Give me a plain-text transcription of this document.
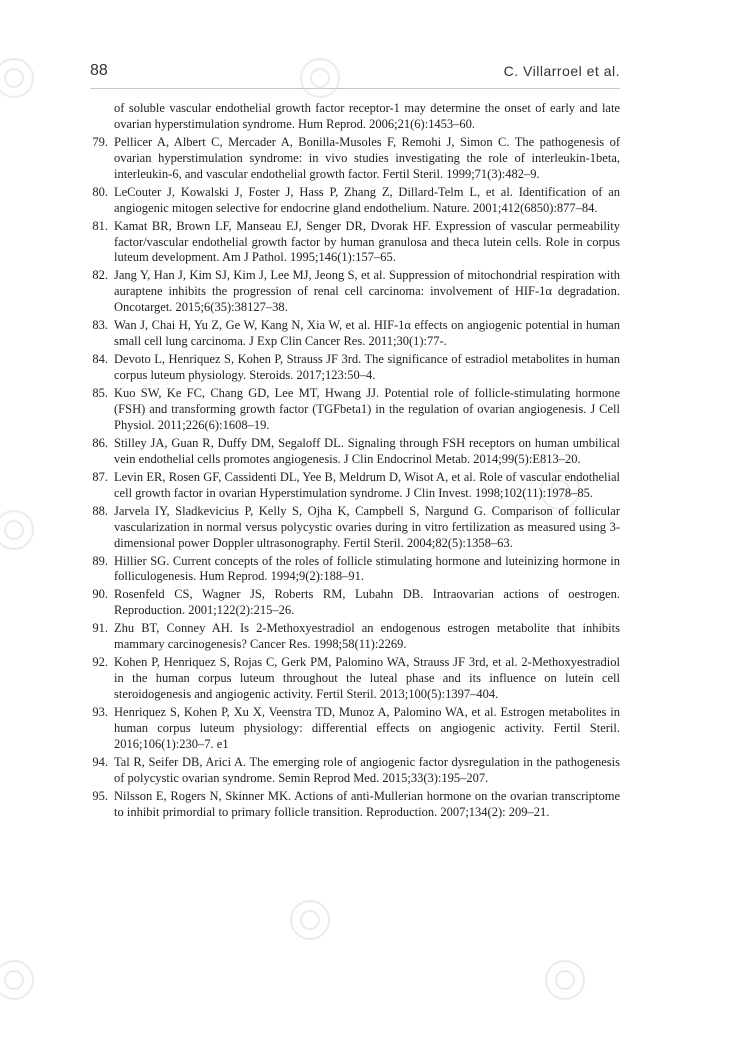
88	C. Villarroel et al.
of soluble vascular endothelial growth factor receptor-1 may determine the onset of early and late ovarian hyperstimulation syndrome. Hum Reprod. 2006;21(6):1453–60.
79. Pellicer A, Albert C, Mercader A, Bonilla-Musoles F, Remohi J, Simon C. The pathogenesis of ovarian hyperstimulation syndrome: in vivo studies investigating the role of interleukin-1beta, interleukin-6, and vascular endothelial growth factor. Fertil Steril. 1999;71(3):482–9.
80. LeCouter J, Kowalski J, Foster J, Hass P, Zhang Z, Dillard-Telm L, et al. Identification of an angiogenic mitogen selective for endocrine gland endothelium. Nature. 2001;412(6850):877–84.
81. Kamat BR, Brown LF, Manseau EJ, Senger DR, Dvorak HF. Expression of vascular permeability factor/vascular endothelial growth factor by human granulosa and theca lutein cells. Role in corpus luteum development. Am J Pathol. 1995;146(1):157–65.
82. Jang Y, Han J, Kim SJ, Kim J, Lee MJ, Jeong S, et al. Suppression of mitochondrial respiration with auraptene inhibits the progression of renal cell carcinoma: involvement of HIF-1α degradation. Oncotarget. 2015;6(35):38127–38.
83. Wan J, Chai H, Yu Z, Ge W, Kang N, Xia W, et al. HIF-1α effects on angiogenic potential in human small cell lung carcinoma. J Exp Clin Cancer Res. 2011;30(1):77-.
84. Devoto L, Henriquez S, Kohen P, Strauss JF 3rd. The significance of estradiol metabolites in human corpus luteum physiology. Steroids. 2017;123:50–4.
85. Kuo SW, Ke FC, Chang GD, Lee MT, Hwang JJ. Potential role of follicle-stimulating hormone (FSH) and transforming growth factor (TGFbeta1) in the regulation of ovarian angiogenesis. J Cell Physiol. 2011;226(6):1608–19.
86. Stilley JA, Guan R, Duffy DM, Segaloff DL. Signaling through FSH receptors on human umbilical vein endothelial cells promotes angiogenesis. J Clin Endocrinol Metab. 2014;99(5):E813–20.
87. Levin ER, Rosen GF, Cassidenti DL, Yee B, Meldrum D, Wisot A, et al. Role of vascular endothelial cell growth factor in ovarian Hyperstimulation syndrome. J Clin Invest. 1998;102(11):1978–85.
88. Jarvela IY, Sladkevicius P, Kelly S, Ojha K, Campbell S, Nargund G. Comparison of follicular vascularization in normal versus polycystic ovaries during in vitro fertilization as measured using 3-dimensional power Doppler ultrasonography. Fertil Steril. 2004;82(5):1358–63.
89. Hillier SG. Current concepts of the roles of follicle stimulating hormone and luteinizing hormone in folliculogenesis. Hum Reprod. 1994;9(2):188–91.
90. Rosenfeld CS, Wagner JS, Roberts RM, Lubahn DB. Intraovarian actions of oestrogen. Reproduction. 2001;122(2):215–26.
91. Zhu BT, Conney AH. Is 2-Methoxyestradiol an endogenous estrogen metabolite that inhibits mammary carcinogenesis? Cancer Res. 1998;58(11):2269.
92. Kohen P, Henriquez S, Rojas C, Gerk PM, Palomino WA, Strauss JF 3rd, et al. 2-Methoxyestradiol in the human corpus luteum throughout the luteal phase and its influence on lutein cell steroidogenesis and angiogenic activity. Fertil Steril. 2013;100(5):1397–404.
93. Henriquez S, Kohen P, Xu X, Veenstra TD, Munoz A, Palomino WA, et al. Estrogen metabolites in human corpus luteum physiology: differential effects on angiogenic activity. Fertil Steril. 2016;106(1):230–7. e1
94. Tal R, Seifer DB, Arici A. The emerging role of angiogenic factor dysregulation in the pathogenesis of polycystic ovarian syndrome. Semin Reprod Med. 2015;33(3):195–207.
95. Nilsson E, Rogers N, Skinner MK. Actions of anti-Mullerian hormone on the ovarian transcriptome to inhibit primordial to primary follicle transition. Reproduction. 2007;134(2): 209–21.
